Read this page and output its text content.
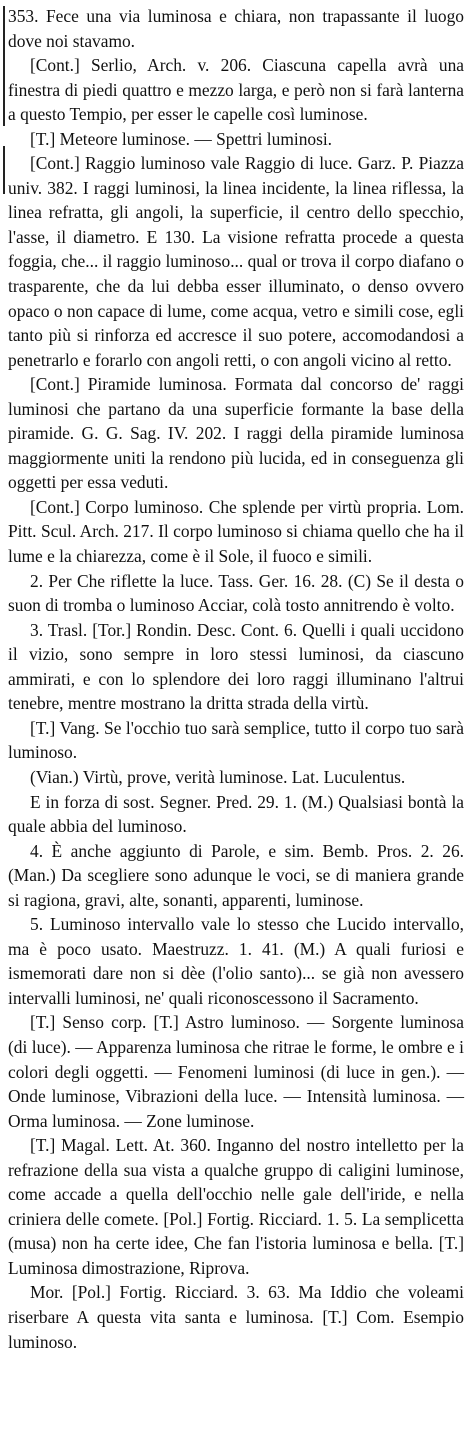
353. Fece una via luminosa e chiara, non trapassante il luogo dove noi stavamo.

[Cont.] Serlio, Arch. v. 206. Ciascuna capella avrà una finestra di piedi quattro e mezzo larga, e però non si farà lanterna a questo Tempio, per esser le capelle così luminose.

[T.] Meteore luminose. — Spettri luminosi.

[Cont.] Raggio luminoso vale Raggio di luce. Garz. P. Piazza univ. 382. I raggi luminosi, la linea incidente, la linea riflessa, la linea refratta, gli angoli, la superficie, il centro dello specchio, l'asse, il diametro. E 130. La visione refratta procede a questa foggia, che... il raggio luminoso... qual or trova il corpo diafano o trasparente, che da lui debba esser illuminato, o denso ovvero opaco o non capace di lume, come acqua, vetro e simili cose, egli tanto più si rinforza ed accresce il suo potere, accomodandosi a penetrarlo e forarlo con angoli retti, o con angoli vicino al retto.

[Cont.] Piramide luminosa. Formata dal concorso de' raggi luminosi che partano da una superficie formante la base della piramide. G. G. Sag. IV. 202. I raggi della piramide luminosa maggiormente uniti la rendono più lucida, ed in conseguenza gli oggetti per essa veduti.

[Cont.] Corpo luminoso. Che splende per virtù propria. Lom. Pitt. Scul. Arch. 217. Il corpo luminoso si chiama quello che ha il lume e la chiarezza, come è il Sole, il fuoco e simili.

2. Per Che riflette la luce. Tass. Ger. 16. 28. (C) Se il desta o suon di tromba o luminoso Acciar, colà tosto annitrendo è volto.

3. Trasl. [Tor.] Rondin. Desc. Cont. 6. Quelli i quali uccidono il vizio, sono sempre in loro stessi luminosi, da ciascuno ammirati, e con lo splendore dei loro raggi illuminano l'altrui tenebre, mentre mostrano la dritta strada della virtù.

[T.] Vang. Se l'occhio tuo sarà semplice, tutto il corpo tuo sarà luminoso.

(Vian.) Virtù, prove, verità luminose. Lat. Luculentus.

E in forza di sost. Segner. Pred. 29. 1. (M.) Qualsiasi bontà la quale abbia del luminoso.

4. È anche aggiunto di Parole, e sim. Bemb. Pros. 2. 26. (Man.) Da scegliere sono adunque le voci, se di maniera grande si ragiona, gravi, alte, sonanti, apparenti, luminose.

5. Luminoso intervallo vale lo stesso che Lucido intervallo, ma è poco usato. Maestruzz. 1. 41. (M.) A quali furiosi e ismemorati dare non si dèe (l'olio santo)... se già non avessero intervalli luminosi, ne' quali riconoscessono il Sacramento.

[T.] Senso corp. [T.] Astro luminoso. — Sorgente luminosa (di luce). — Apparenza luminosa che ritrae le forme, le ombre e i colori degli oggetti. — Fenomeni luminosi (di luce in gen.). — Onde luminose, Vibrazioni della luce. — Intensità luminosa. — Orma luminosa. — Zone luminose.

[T.] Magal. Lett. At. 360. Inganno del nostro intelletto per la refrazione della sua vista a qualche gruppo di caligini luminose, come accade a quella dell'occhio nelle gale dell'iride, e nella criniera delle comete. [Pol.] Fortig. Ricciard. 1. 5. La semplicetta (musa) non ha certe idee, Che fan l'istoria luminosa e bella. [T.] Luminosa dimostrazione, Riprova.

Mor. [Pol.] Fortig. Ricciard. 3. 63. Ma Iddio che voleami riserbare A questa vita santa e luminosa. [T.] Com. Esempio luminoso.
